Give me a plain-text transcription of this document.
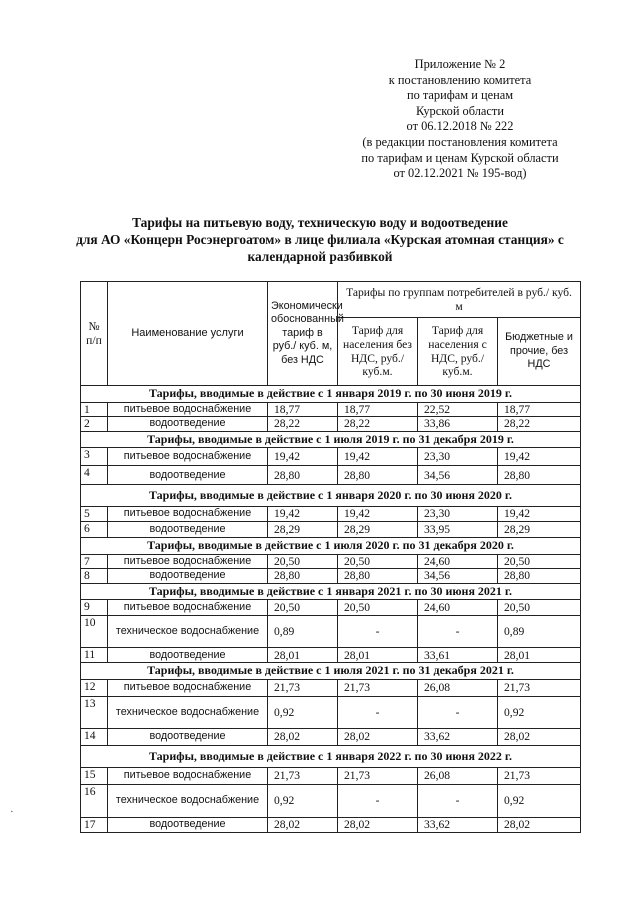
Приложение № 2
к постановлению комитета
по тарифам и ценам
Курской области
от 06.12.2018 № 222
(в редакции постановления комитета
по тарифам и ценам Курской области
от 02.12.2021 № 195-вод)
Тарифы на питьевую воду, техническую воду и водоотведение
для АО «Концерн Росэнергоатом» в лице филиала «Курская атомная станция» с
календарной разбивкой
№ п/п	Наименование услуги	Экономически обоснованный тариф в руб./ куб. м, без НДС	Тарифы по группам потребителей в руб./ куб. м		
			Тариф для населения без НДС, руб./ куб.м.	Тариф для населения с НДС, руб./ куб.м.	Бюджетные и прочие, без НДС
Тарифы, вводимые в действие с 1 января 2019 г. по 30 июня 2019 г.					
1	питьевое водоснабжение	18,77	18,77	22,52	18,77
2	водоотведение	28,22	28,22	33,86	28,22
Тарифы, вводимые в действие с 1 июля 2019 г. по 31 декабря 2019 г.					
3	питьевое водоснабжение	19,42	19,42	23,30	19,42
4	водоотведение	28,80	28,80	34,56	28,80
Тарифы, вводимые в действие с 1 января 2020 г. по 30 июня 2020 г.					
5	питьевое водоснабжение	19,42	19,42	23,30	19,42
6	водоотведение	28,29	28,29	33,95	28,29
Тарифы, вводимые в действие с 1 июля 2020 г. по 31 декабря 2020 г.					
7	питьевое водоснабжение	20,50	20,50	24,60	20,50
8	водоотведение	28,80	28,80	34,56	28,80
Тарифы, вводимые в действие с 1 января 2021 г. по 30 июня 2021 г.					
9	питьевое водоснабжение	20,50	20,50	24,60	20,50
10	техническое водоснабжение	0,89	-	-	0,89
11	водоотведение	28,01	28,01	33,61	28,01
Тарифы, вводимые в действие с 1 июля 2021 г. по 31 декабря 2021 г.					
12	питьевое водоснабжение	21,73	21,73	26,08	21,73
13	техническое водоснабжение	0,92	-	-	0,92
14	водоотведение	28,02	28,02	33,62	28,02
Тарифы, вводимые в действие с 1 января 2022 г. по 30 июня 2022 г.					
15	питьевое водоснабжение	21,73	21,73	26,08	21,73
16	техническое водоснабжение	0,92	-	-	0,92
17	водоотведение	28,02	28,02	33,62	28,02
·
